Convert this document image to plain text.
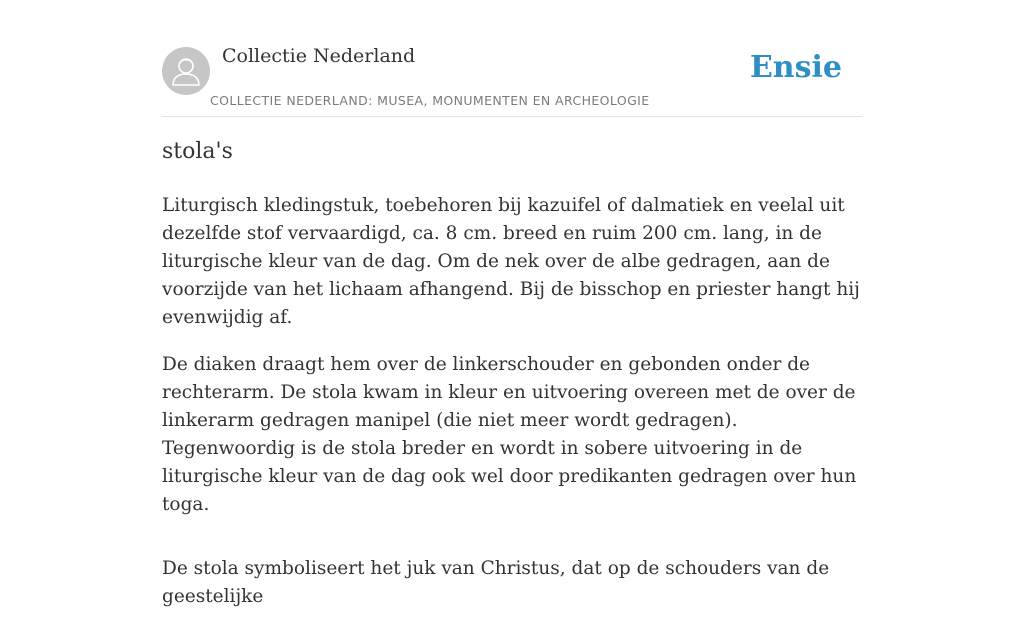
Collectie Nederland
COLLECTIE NEDERLAND: MUSEA, MONUMENTEN EN ARCHEOLOGIE
Ensie
stola's

Liturgisch kledingstuk, toebehoren bij kazuifel of dalmatiek en veelal uit dezelfde stof vervaardigd, ca. 8 cm. breed en ruim 200 cm. lang, in de liturgische kleur van de dag. Om de nek over de albe gedragen, aan de voorzijde van het lichaam afhangend. Bij de bisschop en priester hangt hij evenwijdig af.

De diaken draagt hem over de linkerschouder en gebonden onder de rechterarm. De stola kwam in kleur en uitvoering overeen met de over de linkerarm gedragen manipel (die niet meer wordt gedragen). Tegenwoordig is de stola breder en wordt in sobere uitvoering in de liturgische kleur van de dag ook wel door predikanten gedragen over hun toga.

De stola symboliseert het juk van Christus, dat op de schouders van de geestelijke
